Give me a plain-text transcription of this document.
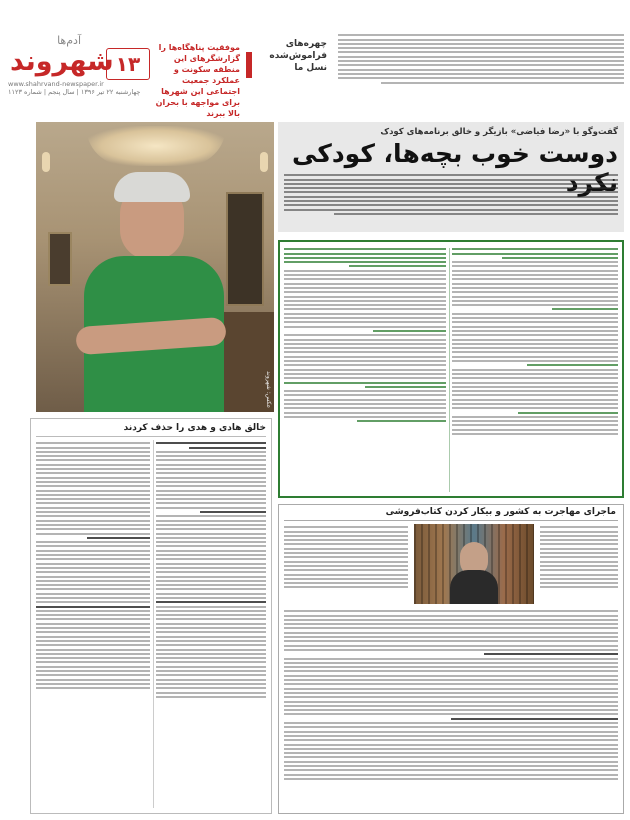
آدم‌ها
شهروند ۱۳
موفقیت پناهگاه‌ها را گزارشگرهای این منطقه سکونت و عملکرد جمعیت اجتماعی این شهر‌ها برای مواجهه با بحران بالا ببرند
www.shahrvand-newspaper.ir
چهارشنبه ۲۲ تیر ۱۳۹۶ | سال پنجم | شماره ۱۱۲۳
چهره‌های فراموش‌شده نسل ما
عکس: شهروند
گفت‌وگو با «رضا فیاضی» بازیگر و خالق برنامه‌های کودک
دوست خوب بچه‌ها، کودکی
خالق هادی و هدی را حذف کردند
ماجرای مهاجرت به کشور و بیکار کردن کتاب‌فروشی
